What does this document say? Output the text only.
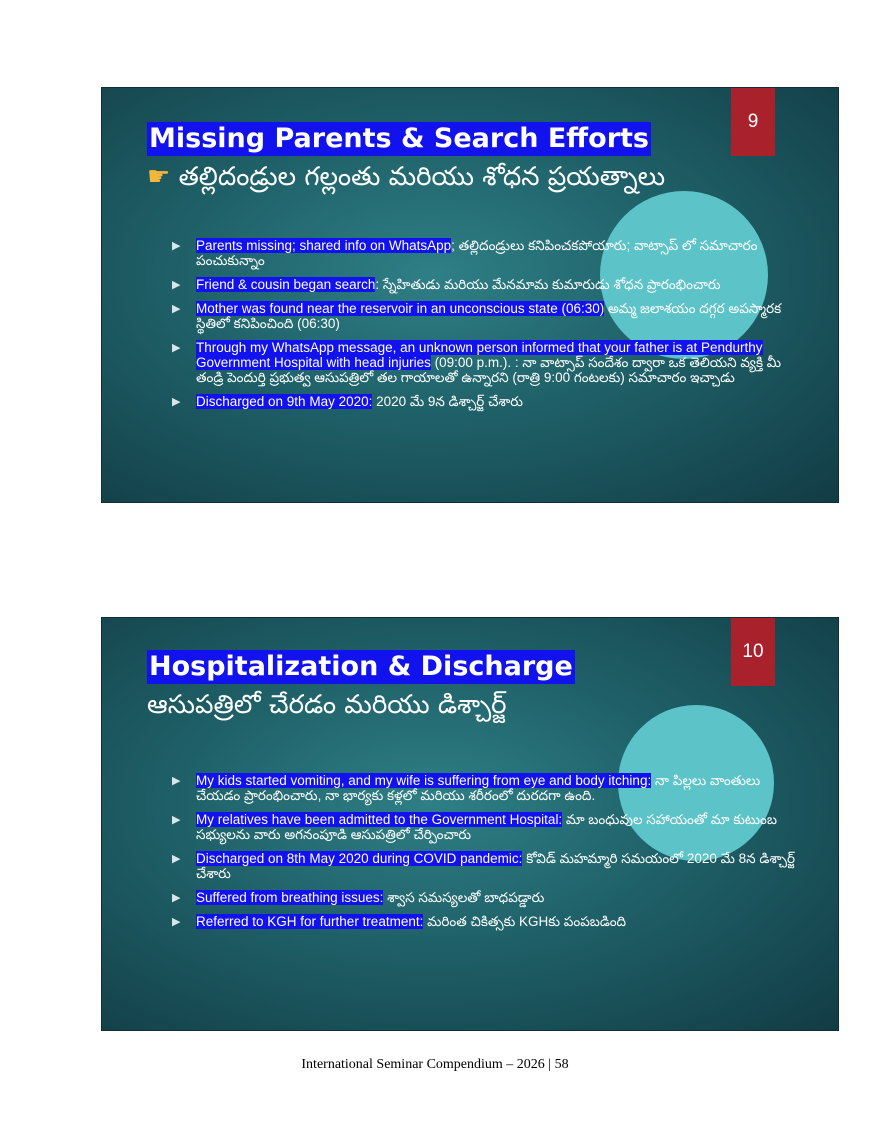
9
Missing Parents & Search Efforts
☛ తల్లిదండ్రుల గల్లంతు మరియు శోధన ప్రయత్నాలు
▶ Parents missing; shared info on WhatsApp; తల్లిదండ్రులు కనిపించకపోయారు; వాట్సాప్ లో సమాచారం పంచుకున్నాం
▶ Friend & cousin began search: స్నేహితుడు మరియు మేనమామ కుమారుడు శోధన ప్రారంభించారు
▶ Mother was found near the reservoir in an unconscious state (06:30) అమ్మ జలాశయం దగ్గర అపస్మారక స్థితిలో కనిపించింది (06:30)
▶ Through my WhatsApp message, an unknown person informed that your father is at Pendurthy Government Hospital with head injuries (09:00 p.m.). : నా వాట్సాప్ సందేశం ద్వారా ఒక తెలియని వ్యక్తి మీ తండ్రి పెందుర్తి ప్రభుత్వ ఆసుపత్రిలో తల గాయాలతో ఉన్నారని (రాత్రి 9:00 గంటలకు) సమాచారం ఇచ్చాడు
▶ Discharged on 9th May 2020: 2020 మే 9న డిశ్చార్జ్ చేశారు
10
Hospitalization & Discharge
ఆసుపత్రిలో చేరడం మరియు డిశ్చార్జ్
▶ My kids started vomiting, and my wife is suffering from eye and body itching: నా పిల్లలు వాంతులు చేయడం ప్రారంభించారు, నా భార్యకు కళ్లలో మరియు శరీరంలో దురదగా ఉంది.
▶ My relatives have been admitted to the Government Hospital: మా బంధువుల సహాయంతో మా కుటుంబ సభ్యులను వారు అగనంపూడి ఆసుపత్రిలో చేర్పించారు
▶ Discharged on 8th May 2020 during COVID pandemic: కోవిడ్ మహమ్మారి సమయంలో 2020 మే 8న డిశ్చార్జ్ చేశారు
▶ Suffered from breathing issues: శ్వాస సమస్యలతో బాధపడ్డారు
▶ Referred to KGH for further treatment: మరింత చికిత్సకు KGHకు పంపబడింది
International Seminar Compendium – 2026 | 58
